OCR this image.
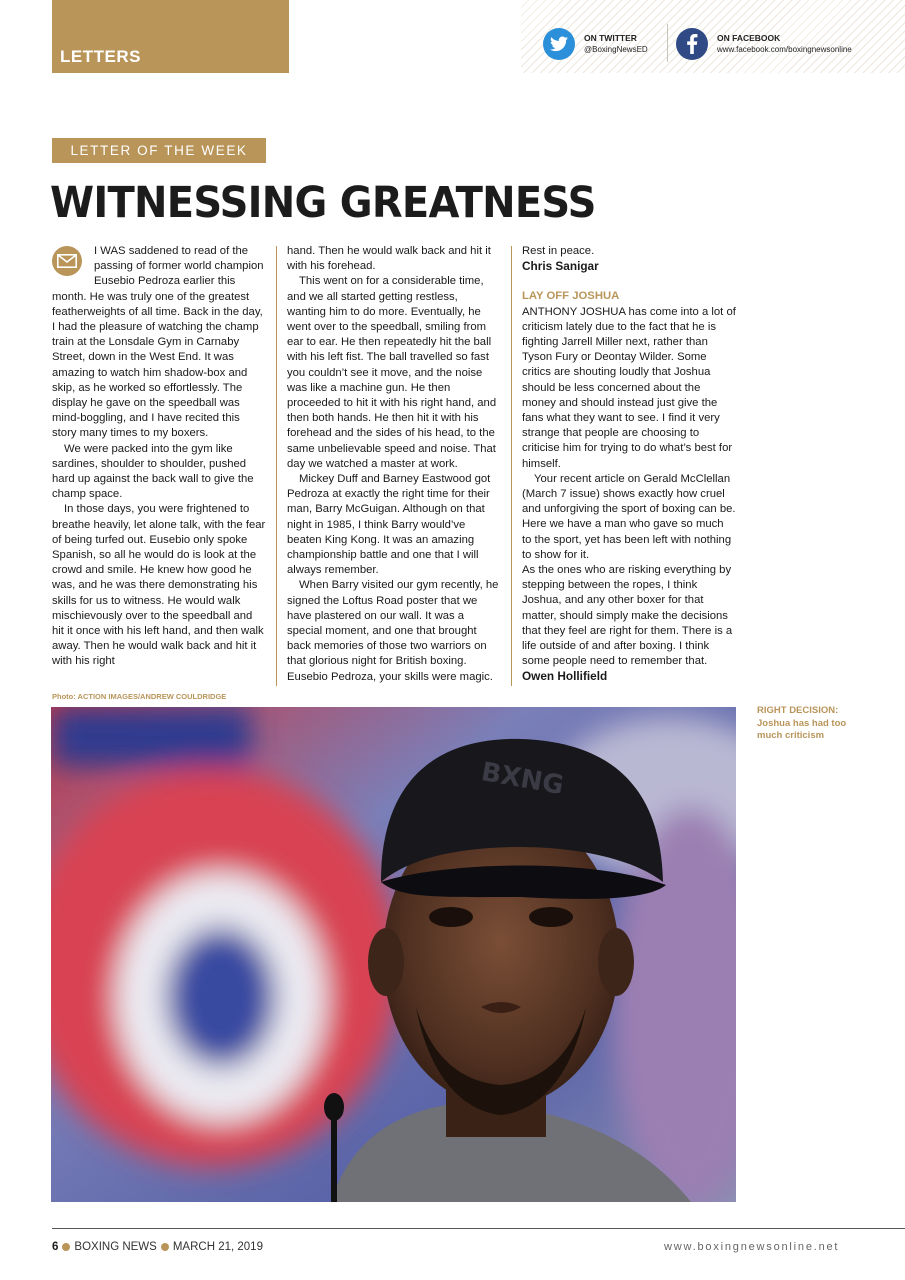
LETTERS
ON TWITTER
@BoxingNewsED
ON FACEBOOK
www.facebook.com/boxingnewsonline
LETTER OF THE WEEK
WITNESSING GREATNESS

I WAS saddened to read of the passing of former world champion Eusebio Pedroza earlier this month. He was truly one of the greatest featherweights of all time. Back in the day, I had the pleasure of watching the champ train at the Lonsdale Gym in Carnaby Street, down in the West End. It was amazing to watch him shadow-box and skip, as he worked so effortlessly. The display he gave on the speedball was mind-boggling, and I have recited this story many times to my boxers.

We were packed into the gym like sardines, shoulder to shoulder, pushed hard up against the back wall to give the champ space.

In those days, you were frightened to breathe heavily, let alone talk, with the fear of being turfed out. Eusebio only spoke Spanish, so all he would do is look at the crowd and smile. He knew how good he was, and he was there demonstrating his skills for us to witness. He would walk mischievously over to the speedball and hit it once with his left hand, and then walk away. Then he would walk back and hit it with his right

hand. Then he would walk back and hit it with his forehead.

This went on for a considerable time, and we all started getting restless, wanting him to do more. Eventually, he went over to the speedball, smiling from ear to ear. He then repeatedly hit the ball with his left fist. The ball travelled so fast you couldn’t see it move, and the noise was like a machine gun. He then proceeded to hit it with his right hand, and then both hands. He then hit it with his forehead and the sides of his head, to the same unbelievable speed and noise. That day we watched a master at work.

Mickey Duff and Barney Eastwood got Pedroza at exactly the right time for their man, Barry McGuigan. Although on that night in 1985, I think Barry would’ve beaten King Kong. It was an amazing championship battle and one that I will always remember.

When Barry visited our gym recently, he signed the Loftus Road poster that we have plastered on our wall. It was a special moment, and one that brought back memories of those two warriors on that glorious night for British boxing. Eusebio Pedroza, your skills were magic.

Rest in peace.

Chris Sanigar

LAY OFF JOSHUA

ANTHONY JOSHUA has come into a lot of criticism lately due to the fact that he is fighting Jarrell Miller next, rather than Tyson Fury or Deontay Wilder. Some critics are shouting loudly that Joshua should be less concerned about the money and should instead just give the fans what they want to see. I find it very strange that people are choosing to criticise him for trying to do what’s best for himself.

Your recent article on Gerald McClellan (March 7 issue) shows exactly how cruel and unforgiving the sport of boxing can be. Here we have a man who gave so much to the sport, yet has been left with nothing to show for it.

As the ones who are risking everything by stepping between the ropes, I think Joshua, and any other boxer for that matter, should simply make the decisions that they feel are right for them. There is a life outside of and after boxing. I think some people need to remember that.

Owen Hollifield

Photo: ACTION IMAGES/ANDREW COULDRIDGE
BXNG
RIGHT DECISION:
Joshua has had too much criticism
6 BOXING NEWS MARCH 21, 2019	www.boxingnewsonline.net
